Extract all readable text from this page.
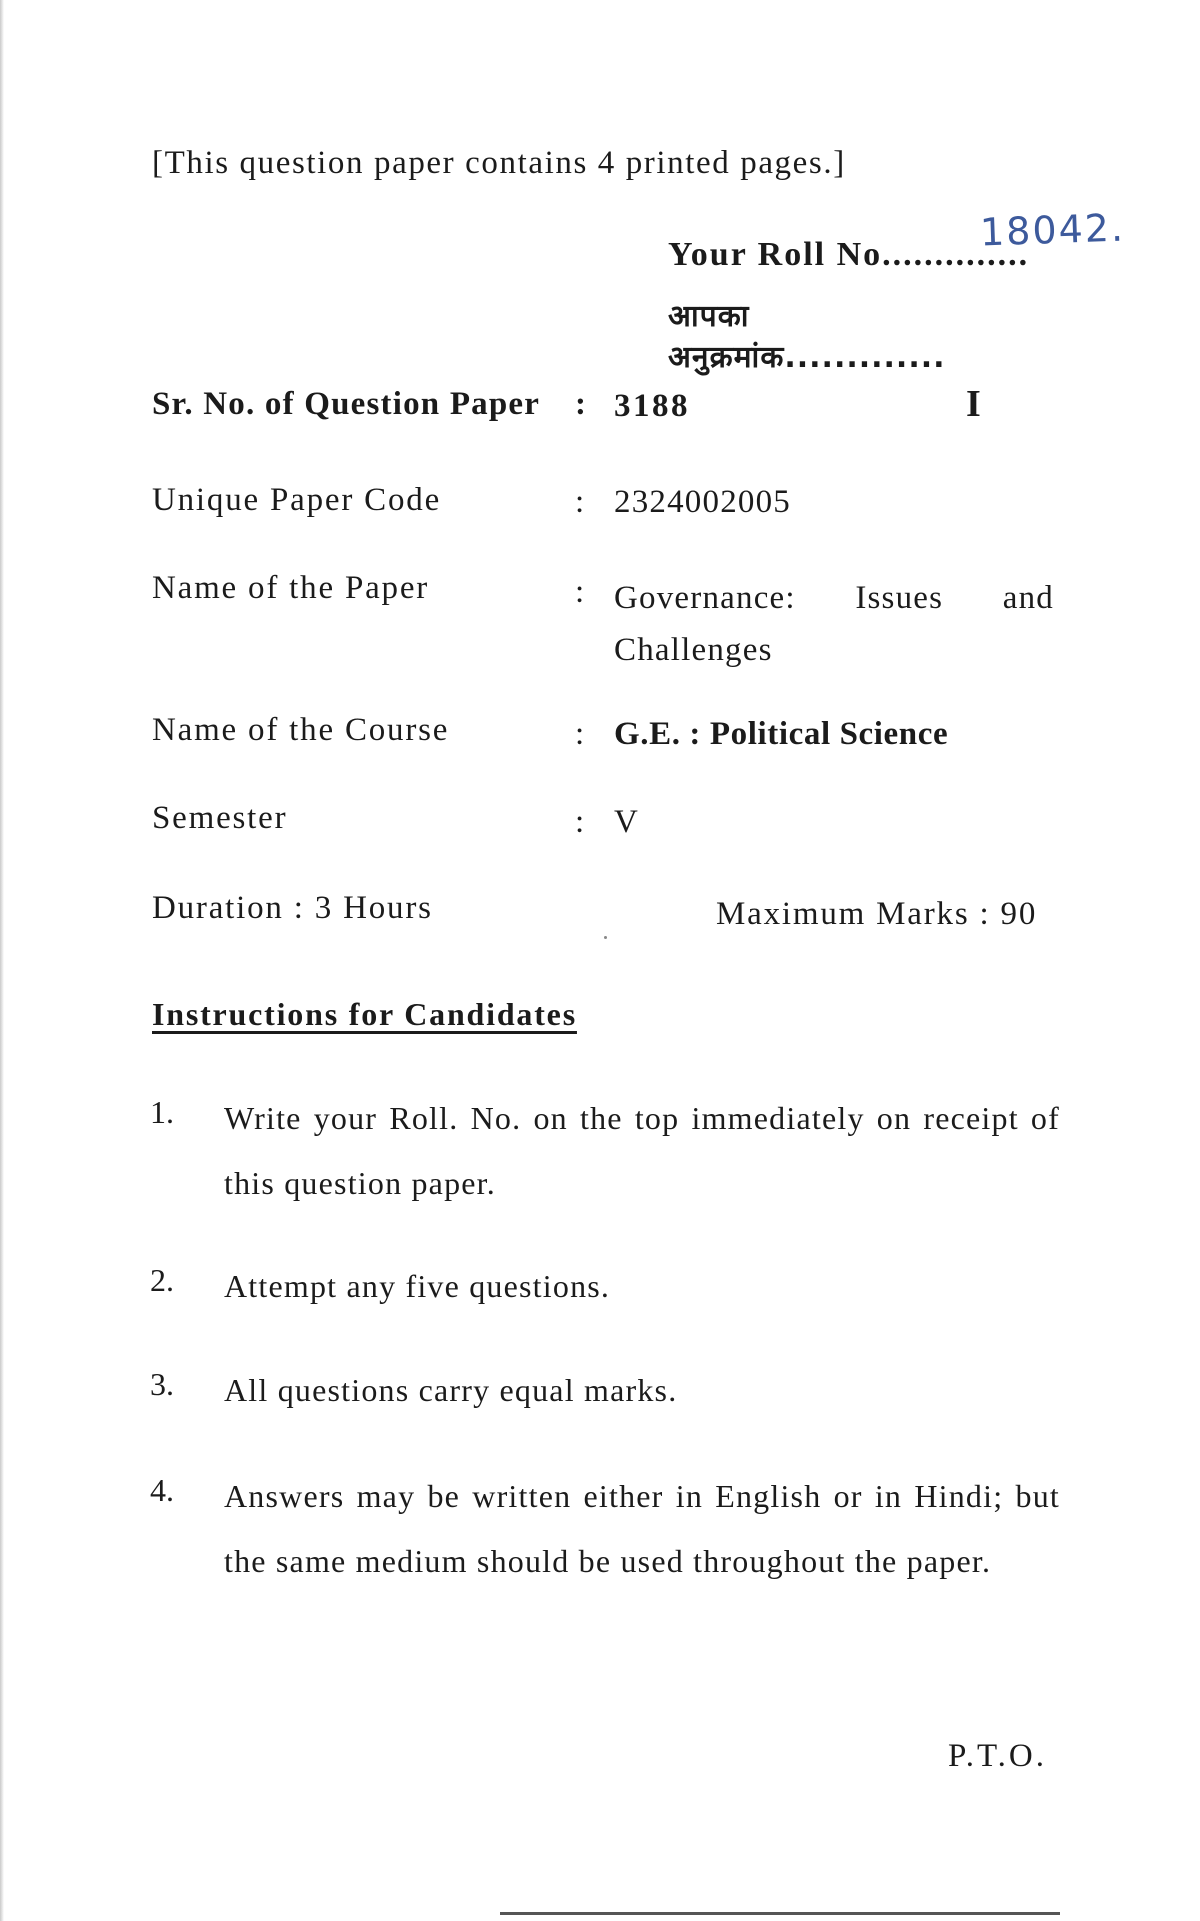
[This question paper contains 4 printed pages.]
Your Roll No..............
आपका अनुक्रमांक.............
18042.
Sr. No. of Question Paper : 3188	I
Unique Paper Code	: 2324002005
Name of the Paper	: Governance: Issues and
Challenges
Name of the Course	: G.E. : Political Science
Semester	: V
Duration : 3 Hours	Maximum Marks : 90
Instructions for Candidates
1. Write your Roll. No. on the top immediately on receipt of this question paper.
2. Attempt any five questions.
3. All questions carry equal marks.
4. Answers may be written either in English or in Hindi; but the same medium should be used throughout the paper.
P.T.O.
